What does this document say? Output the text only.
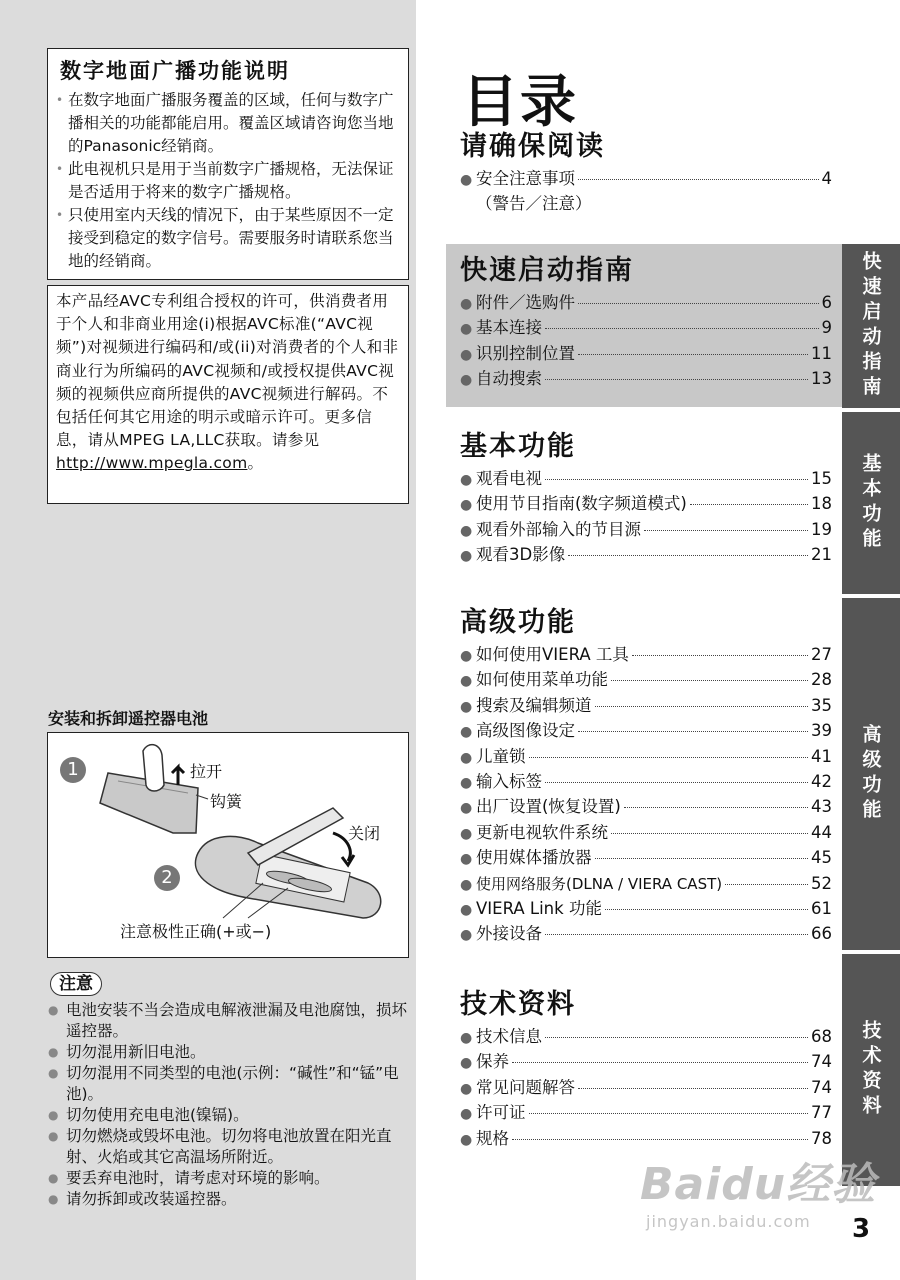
数字地面广播功能说明
• 在数字地面广播服务覆盖的区域，任何与数字广播相关的功能都能启用。覆盖区域请咨询您当地的Panasonic经销商。
• 此电视机只是用于当前数字广播规格，无法保证是否适用于将来的数字广播规格。
• 只使用室内天线的情况下，由于某些原因不一定接受到稳定的数字信号。需要服务时请联系您当地的经销商。

本产品经AVC专利组合授权的许可，供消费者用于个人和非商业用途(i)根据AVC标准(“AVC视频”)对视频进行编码和/或(ii)对消费者的个人和非商业行为所编码的AVC视频和/或授权提供AVC视频的视频供应商所提供的AVC视频进行解码。不包括任何其它用途的明示或暗示许可。更多信息，请从MPEG LA,LLC获取。请参见http://www.mpegla.com。

安装和拆卸遥控器电池
1
2
拉开
钩簧
关闭
注意极性正确(+或−)
注意
● 电池安装不当会造成电解液泄漏及电池腐蚀，损坏遥控器。
● 切勿混用新旧电池。
● 切勿混用不同类型的电池(示例：“碱性”和“锰”电池)。
● 切勿使用充电电池(镍镉)。
● 切勿燃烧或毁坏电池。切勿将电池放置在阳光直射、火焰或其它高温场所附近。
● 要丢弃电池时，请考虑对环境的影响。
● 请勿拆卸或改装遥控器。
目录
请确保阅读
● 安全注意事项	4
（警告／注意）
快速启动指南
● 附件／选购件	6
● 基本连接	9
● 识别控制位置	11
● 自动搜索	13
基本功能
● 观看电视	15
● 使用节目指南(数字频道模式)	18
● 观看外部输入的节目源	19
● 观看3D影像	21
高级功能
● 如何使用VIERA 工具	27
● 如何使用菜单功能	28
● 搜索及编辑频道	35
● 高级图像设定	39
● 儿童锁	41
● 输入标签	42
● 出厂设置(恢复设置)	43
● 更新电视软件系统	44
● 使用媒体播放器	45
● 使用网络服务(DLNA / VIERA CAST)	52
● VIERA Link 功能	61
● 外接设备	66
技术资料
● 技术信息	68
● 保养	74
● 常见问题解答	74
● 许可证	77
● 规格	78
快速启动指南
基本功能
高级功能
技术资料
Baidu经验
jingyan.baidu.com	3
